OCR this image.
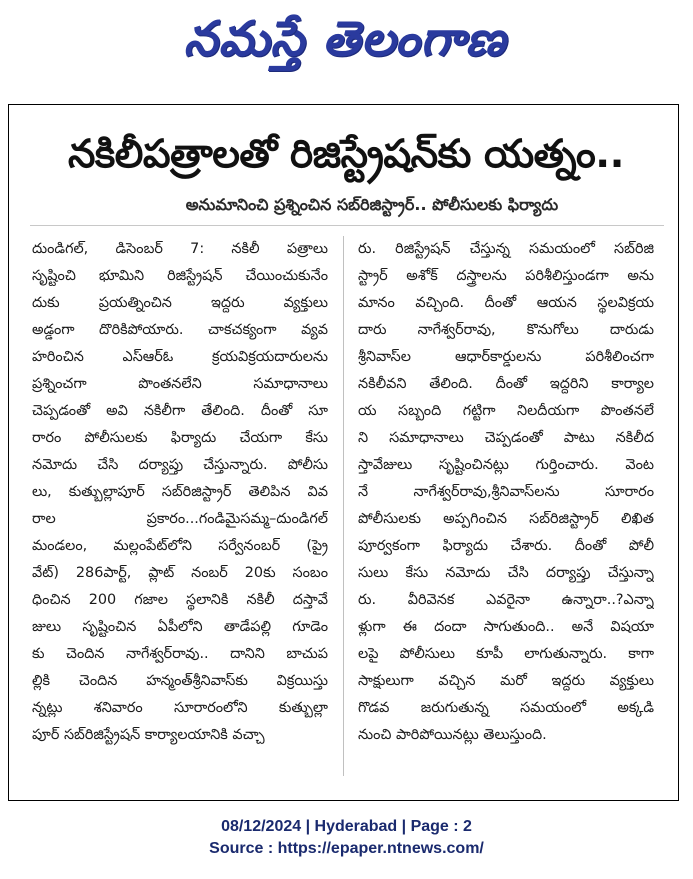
నమస్తే తెలంగాణ
నకిలీపత్రాలతో రిజిస్ట్రేషన్‌కు యత్నం..
అనుమానించి ప్రశ్నించిన సబ్‌రిజిస్ట్రార్.. పోలీసులకు ఫిర్యాదు
దుండిగల్, డిసెంబర్ 7: నకిలీ పత్రాలు
సృష్టించి భూమిని రిజిస్ట్రేషన్ చేయించుకునేం
దుకు ప్రయత్నించిన ఇద్దరు వ్యక్తులు
అడ్డంగా దొరికిపోయారు. చాకచక్యంగా వ్యవ
హరించిన ఎస్‌ఆర్‌ఓ క్రయవిక్రయదారులను
ప్రశ్నించగా పొంతనలేని సమాధానాలు
చెప్పడంతో అవి నకిలీగా తేలింది. దీంతో సూ
రారం పోలీసులకు ఫిర్యాదు చేయగా కేసు
నమోదు చేసి దర్యాప్తు చేస్తున్నారు. పోలీసు
లు, కుత్బుల్లాపూర్ సబ్‌రిజిస్ట్రార్ తెలిపిన వివ
రాల ప్రకారం...గండిమైసమ్మ–దుండిగల్
మండలం, మల్లంపేట్‌లోని సర్వేనంబర్ (ప్రై
వేట్) 286పార్ట్, ప్లాట్ నంబర్ 20కు సంబం
ధించిన 200 గజాల స్థలానికి నకిలీ దస్తావే
జులు సృష్టించిన ఏపీలోని తాడేపల్లి గూడెం
కు చెందిన నాగేశ్వర్‌రావు.. దానిని బాచుప
ల్లికి చెందిన హన్మంత్‌శ్రీనివాస్‌కు విక్రయిస్తు
న్నట్లు శనివారం సూరారంలోని కుత్బుల్లా
పూర్ సబ్‌రిజిస్ట్రేషన్ కార్యాలయానికి వచ్చా
రు. రిజిస్ట్రేషన్ చేస్తున్న సమయంలో సబ్‌రిజి
స్ట్రార్ అశోక్ దస్త్రాలను పరిశీలిస్తుండగా అను
మానం వచ్చింది. దీంతో ఆయన స్థలవిక్రయ
దారు నాగేశ్వర్‌రావు, కొనుగోలు దారుడు
శ్రీనివాస్‌ల ఆధార్‌కార్డులను పరిశీలించగా
నకిలీవని తేలింది. దీంతో ఇద్దరిని కార్యాల
య సబ్బంది గట్టిగా నిలదీయగా పొంతనలే
ని సమాధానాలు చెప్పడంతో పాటు నకిలీద
స్తావేజులు సృష్టించినట్లు గుర్తించారు. వెంట
నే నాగేశ్వర్‌రావు,శ్రీనివాస్‌లను సూరారం
పోలీసులకు అప్పగించిన సబ్‌రిజిస్ట్రార్ లిఖిత
పూర్వకంగా ఫిర్యాదు చేశారు. దీంతో పోలీ
సులు కేసు నమోదు చేసి దర్యాప్తు చేస్తున్నా
రు. వీరివెనక ఎవరైనా ఉన్నారా..?ఎన్నా
ళ్లుగా ఈ దందా సాగుతుంది.. అనే విషయా
లపై పోలీసులు కూపీ లాగుతున్నారు. కాగా
సాక్షులుగా వచ్చిన మరో ఇద్దరు వ్యక్తులు
గొడవ జరుగుతున్న సమయంలో అక్కడి
నుంచి పారిపోయినట్లు తెలుస్తుంది.
08/12/2024 | Hyderabad | Page : 2
Source : https://epaper.ntnews.com/
